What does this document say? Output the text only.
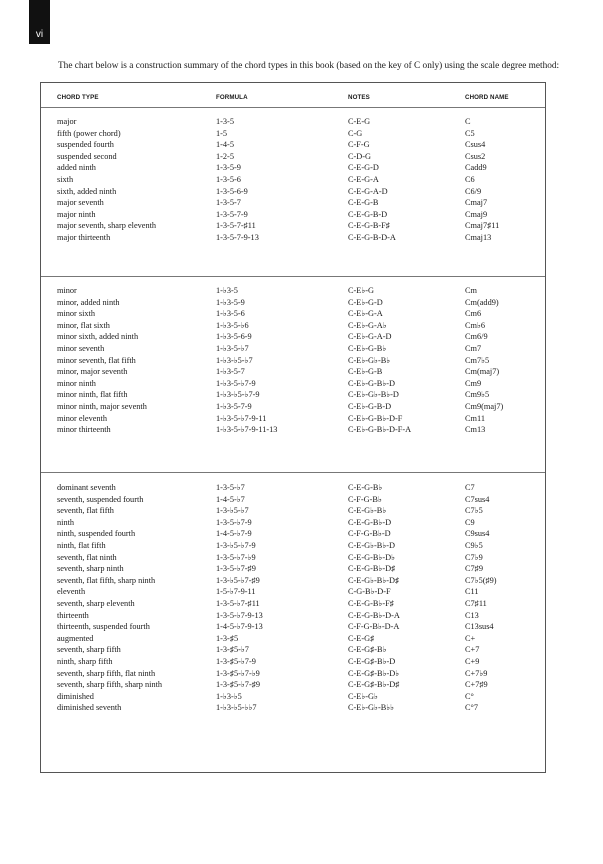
vi
The chart below is a construction summary of the chord types in this book (based on the key of C only) using the scale degree method:
CHORD TYPE	FORMULA	NOTES	CHORD NAME
major	1-3-5	C-E-G	C
fifth (power chord)	1-5	C-G	C5
suspended fourth	1-4-5	C-F-G	Csus4
suspended second	1-2-5	C-D-G	Csus2
added ninth	1-3-5-9	C-E-G-D	Cadd9
sixth	1-3-5-6	C-E-G-A	C6
sixth, added ninth	1-3-5-6-9	C-E-G-A-D	C6/9
major seventh	1-3-5-7	C-E-G-B	Cmaj7
major ninth	1-3-5-7-9	C-E-G-B-D	Cmaj9
major seventh, sharp eleventh	1-3-5-7-♯11	C-E-G-B-F♯	Cmaj7♯11
major thirteenth	1-3-5-7-9-13	C-E-G-B-D-A	Cmaj13
minor	1-♭3-5	C-E♭-G	Cm
minor, added ninth	1-♭3-5-9	C-E♭-G-D	Cm(add9)
minor sixth	1-♭3-5-6	C-E♭-G-A	Cm6
minor, flat sixth	1-♭3-5-♭6	C-E♭-G-A♭	Cm♭6
minor sixth, added ninth	1-♭3-5-6-9	C-E♭-G-A-D	Cm6/9
minor seventh	1-♭3-5-♭7	C-E♭-G-B♭	Cm7
minor seventh, flat fifth	1-♭3-♭5-♭7	C-E♭-G♭-B♭	Cm7♭5
minor, major seventh	1-♭3-5-7	C-E♭-G-B	Cm(maj7)
minor ninth	1-♭3-5-♭7-9	C-E♭-G-B♭-D	Cm9
minor ninth, flat fifth	1-♭3-♭5-♭7-9	C-E♭-G♭-B♭-D	Cm9♭5
minor ninth, major seventh	1-♭3-5-7-9	C-E♭-G-B-D	Cm9(maj7)
minor eleventh	1-♭3-5-♭7-9-11	C-E♭-G-B♭-D-F	Cm11
minor thirteenth	1-♭3-5-♭7-9-11-13	C-E♭-G-B♭-D-F-A	Cm13
dominant seventh	1-3-5-♭7	C-E-G-B♭	C7
seventh, suspended fourth	1-4-5-♭7	C-F-G-B♭	C7sus4
seventh, flat fifth	1-3-♭5-♭7	C-E-G♭-B♭	C7♭5
ninth	1-3-5-♭7-9	C-E-G-B♭-D	C9
ninth, suspended fourth	1-4-5-♭7-9	C-F-G-B♭-D	C9sus4
ninth, flat fifth	1-3-♭5-♭7-9	C-E-G♭-B♭-D	C9♭5
seventh, flat ninth	1-3-5-♭7-♭9	C-E-G-B♭-D♭	C7♭9
seventh, sharp ninth	1-3-5-♭7-♯9	C-E-G-B♭-D♯	C7♯9
seventh, flat fifth, sharp ninth	1-3-♭5-♭7-♯9	C-E-G♭-B♭-D♯	C7♭5(♯9)
eleventh	1-5-♭7-9-11	C-G-B♭-D-F	C11
seventh, sharp eleventh	1-3-5-♭7-♯11	C-E-G-B♭-F♯	C7♯11
thirteenth	1-3-5-♭7-9-13	C-E-G-B♭-D-A	C13
thirteenth, suspended fourth	1-4-5-♭7-9-13	C-F-G-B♭-D-A	C13sus4
augmented	1-3-♯5	C-E-G♯	C+
seventh, sharp fifth	1-3-♯5-♭7	C-E-G♯-B♭	C+7
ninth, sharp fifth	1-3-♯5-♭7-9	C-E-G♯-B♭-D	C+9
seventh, sharp fifth, flat ninth	1-3-♯5-♭7-♭9	C-E-G♯-B♭-D♭	C+7♭9
seventh, sharp fifth, sharp ninth	1-3-♯5-♭7-♯9	C-E-G♯-B♭-D♯	C+7♯9
diminished	1-♭3-♭5	C-E♭-G♭	C°
diminished seventh	1-♭3-♭5-♭♭7	C-E♭-G♭-B♭♭	C°7
